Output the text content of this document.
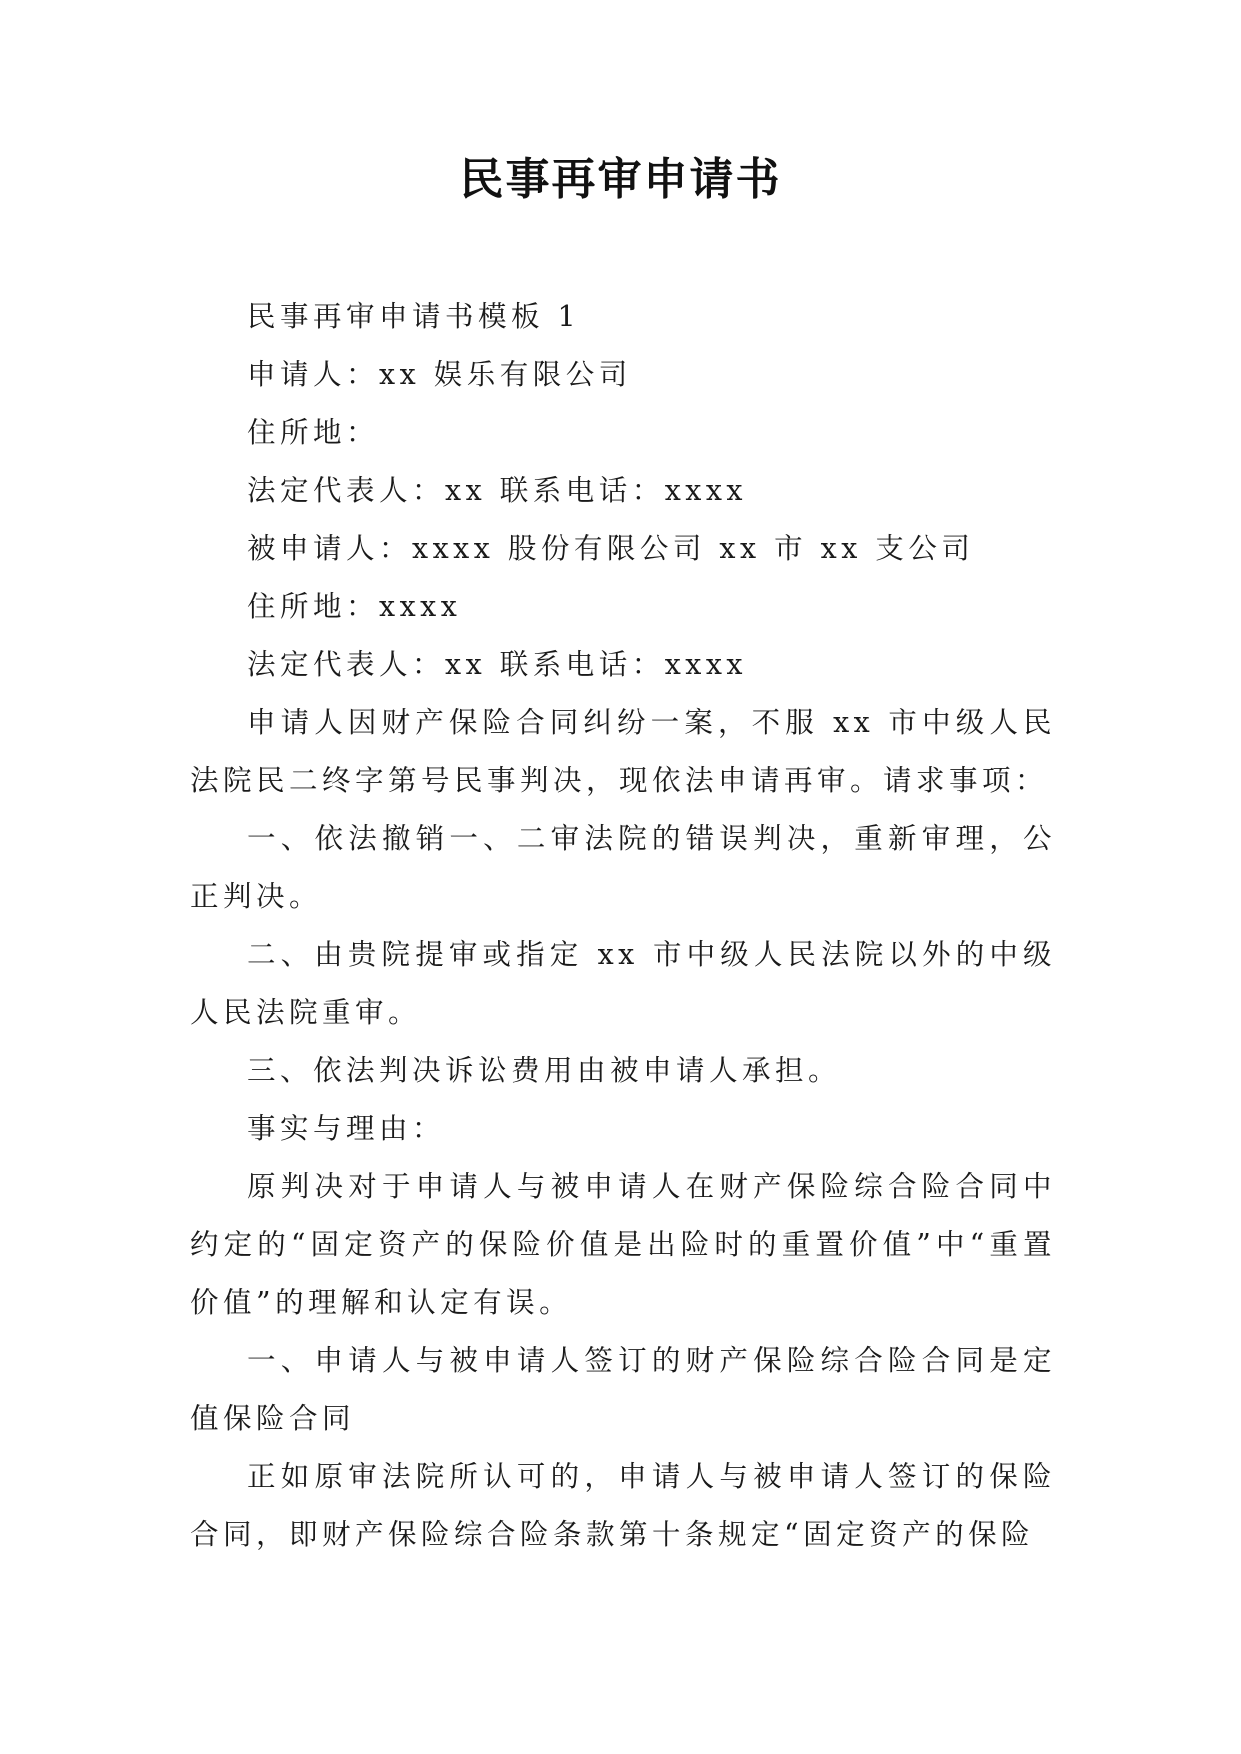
民事再审申请书

民事再审申请书模板 1

申请人：xx 娱乐有限公司

住所地：

法定代表人：xx 联系电话：xxxx

被申请人：xxxx 股份有限公司 xx 市 xx 支公司

住所地：xxxx

法定代表人：xx 联系电话：xxxx

申请人因财产保险合同纠纷一案，不服 xx 市中级人民法院民二终字第号民事判决，现依法申请再审。请求事项：

一、依法撤销一、二审法院的错误判决，重新审理，公正判决。

二、由贵院提审或指定 xx 市中级人民法院以外的中级人民法院重审。

三、依法判决诉讼费用由被申请人承担。

事实与理由：

原判决对于申请人与被申请人在财产保险综合险合同中约定的“固定资产的保险价值是出险时的重置价值”中“重置价值”的理解和认定有误。

一、申请人与被申请人签订的财产保险综合险合同是定值保险合同

正如原审法院所认可的，申请人与被申请人签订的保险合同，即财产保险综合险条款第十条规定“固定资产的保险
